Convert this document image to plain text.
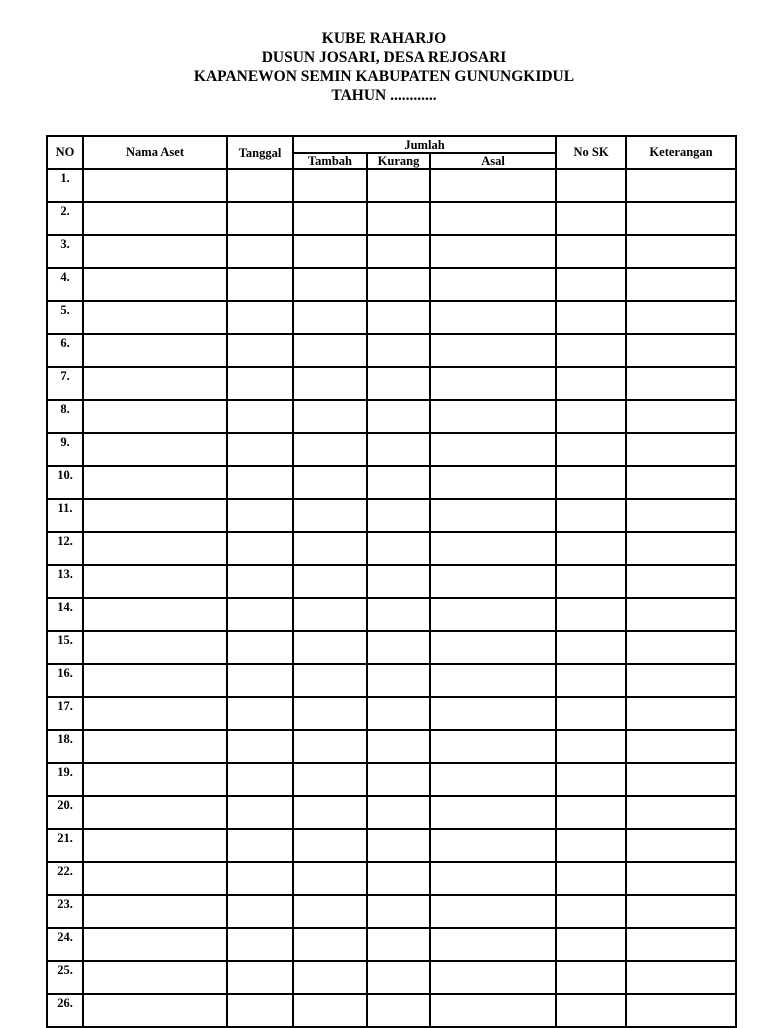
KUBE RAHARJO
DUSUN JOSARI, DESA REJOSARI
KAPANEWON SEMIN KABUPATEN GUNUNGKIDUL
TAHUN ............
NO	Nama Aset	Tanggal	Jumlah			No SK	Keterangan
			Tambah	Kurang	Asal		
1.							
2.							
3.							
4.							
5.							
6.							
7.							
8.							
9.							
10.							
11.							
12.							
13.							
14.							
15.							
16.							
17.							
18.							
19.							
20.							
21.							
22.							
23.							
24.							
25.							
26.							
